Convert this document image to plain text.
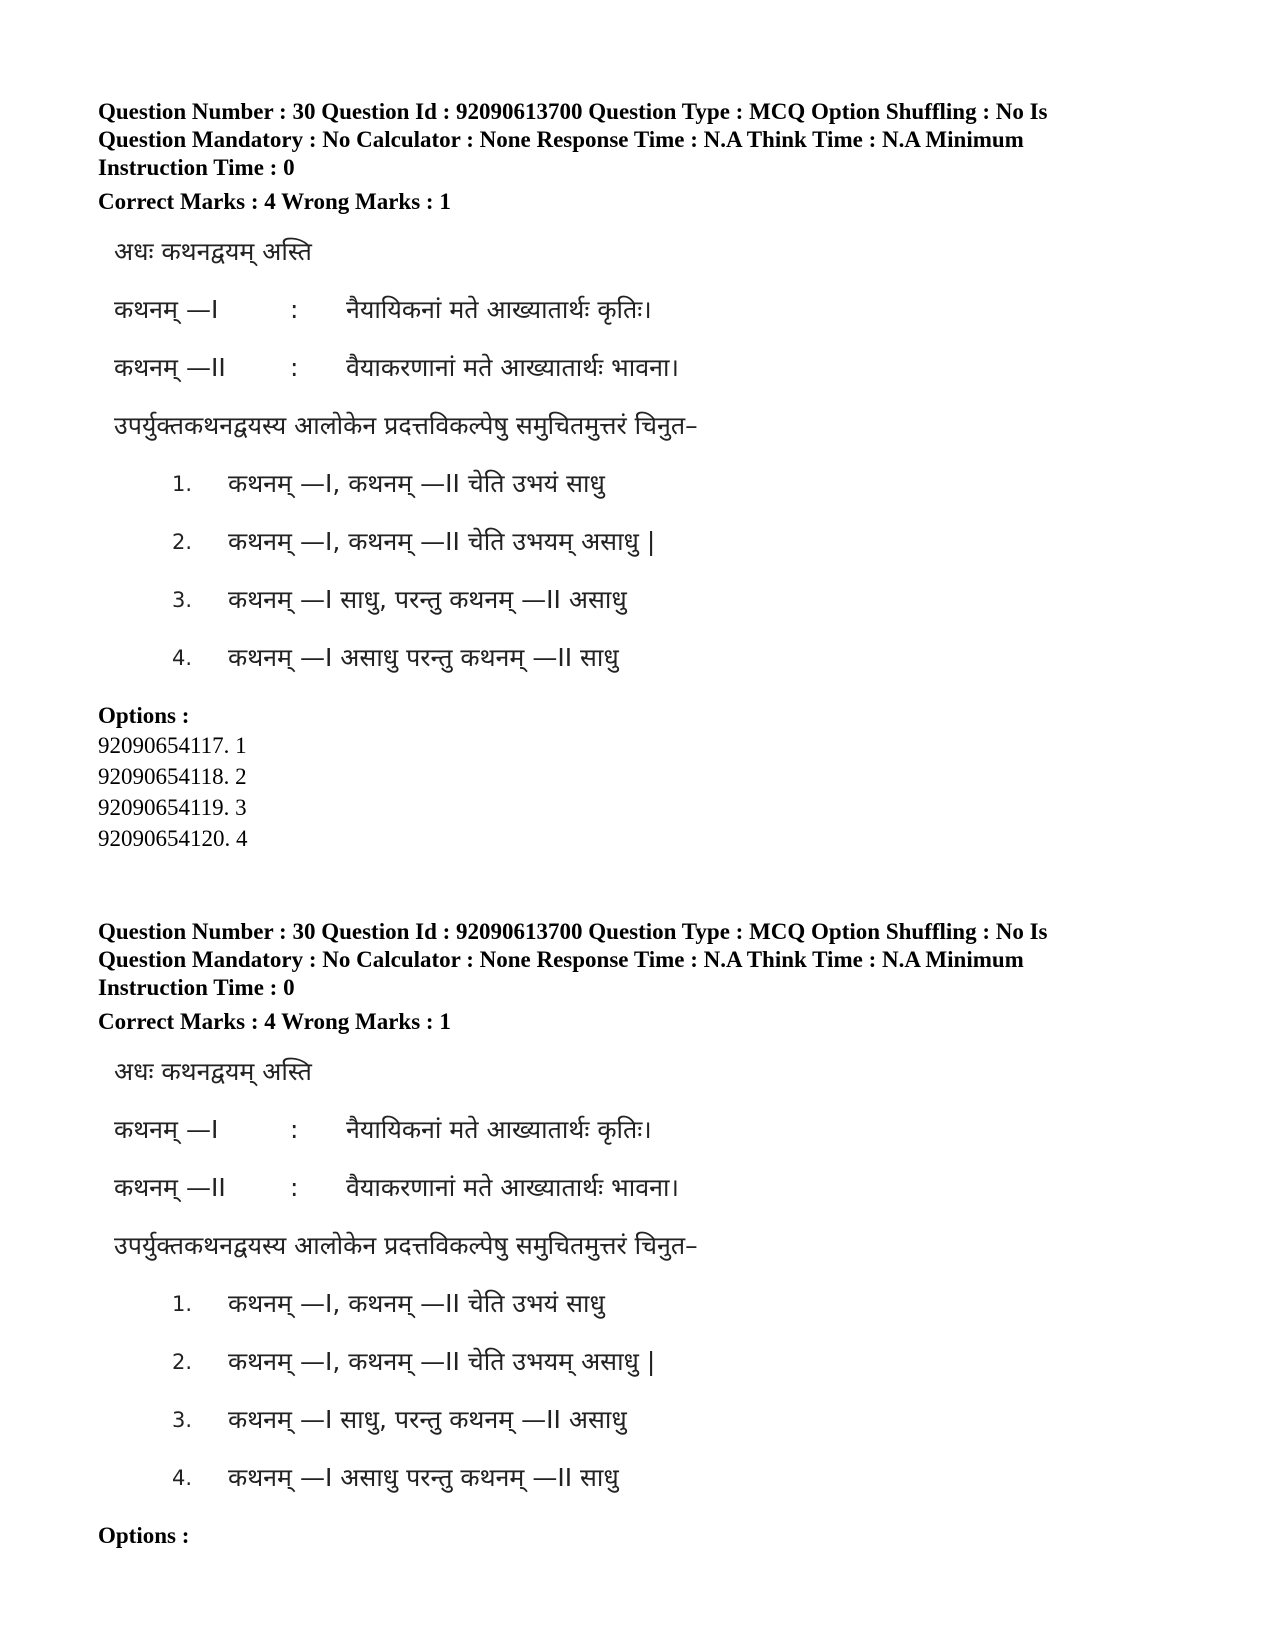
Question Number : 30 Question Id : 92090613700 Question Type : MCQ Option Shuffling : No Is

Question Mandatory : No Calculator : None Response Time : N.A Think Time : N.A Minimum

Instruction Time : 0

Correct Marks : 4 Wrong Marks : 1
अधः कथनद्वयम् अस्ति
कथनम् —I	:	नैयायिकनां मते आख्यातार्थः कृतिः।
कथनम् —II	:	वैयाकरणानां मते आख्यातार्थः भावना।
उपर्युक्तकथनद्वयस्य आलोकेन प्रदत्तविकल्पेषु समुचितमुत्तरं चिनुत–
1.	कथनम् —I, कथनम् —II चेति उभयं साधु
2.	कथनम् —I, कथनम् —II चेति उभयम् असाधु |
3.	कथनम् —I साधु, परन्तु कथनम् —II असाधु
4.	कथनम् —I असाधु परन्तु कथनम् —II साधु
Options :
92090654117. 1
92090654118. 2
92090654119. 3
92090654120. 4

Question Number : 30 Question Id : 92090613700 Question Type : MCQ Option Shuffling : No Is

Question Mandatory : No Calculator : None Response Time : N.A Think Time : N.A Minimum

Instruction Time : 0

Correct Marks : 4 Wrong Marks : 1
अधः कथनद्वयम् अस्ति
कथनम् —I	:	नैयायिकनां मते आख्यातार्थः कृतिः।
कथनम् —II	:	वैयाकरणानां मते आख्यातार्थः भावना।
उपर्युक्तकथनद्वयस्य आलोकेन प्रदत्तविकल्पेषु समुचितमुत्तरं चिनुत–
1.	कथनम् —I, कथनम् —II चेति उभयं साधु
2.	कथनम् —I, कथनम् —II चेति उभयम् असाधु |
3.	कथनम् —I साधु, परन्तु कथनम् —II असाधु
4.	कथनम् —I असाधु परन्तु कथनम् —II साधु
Options :
